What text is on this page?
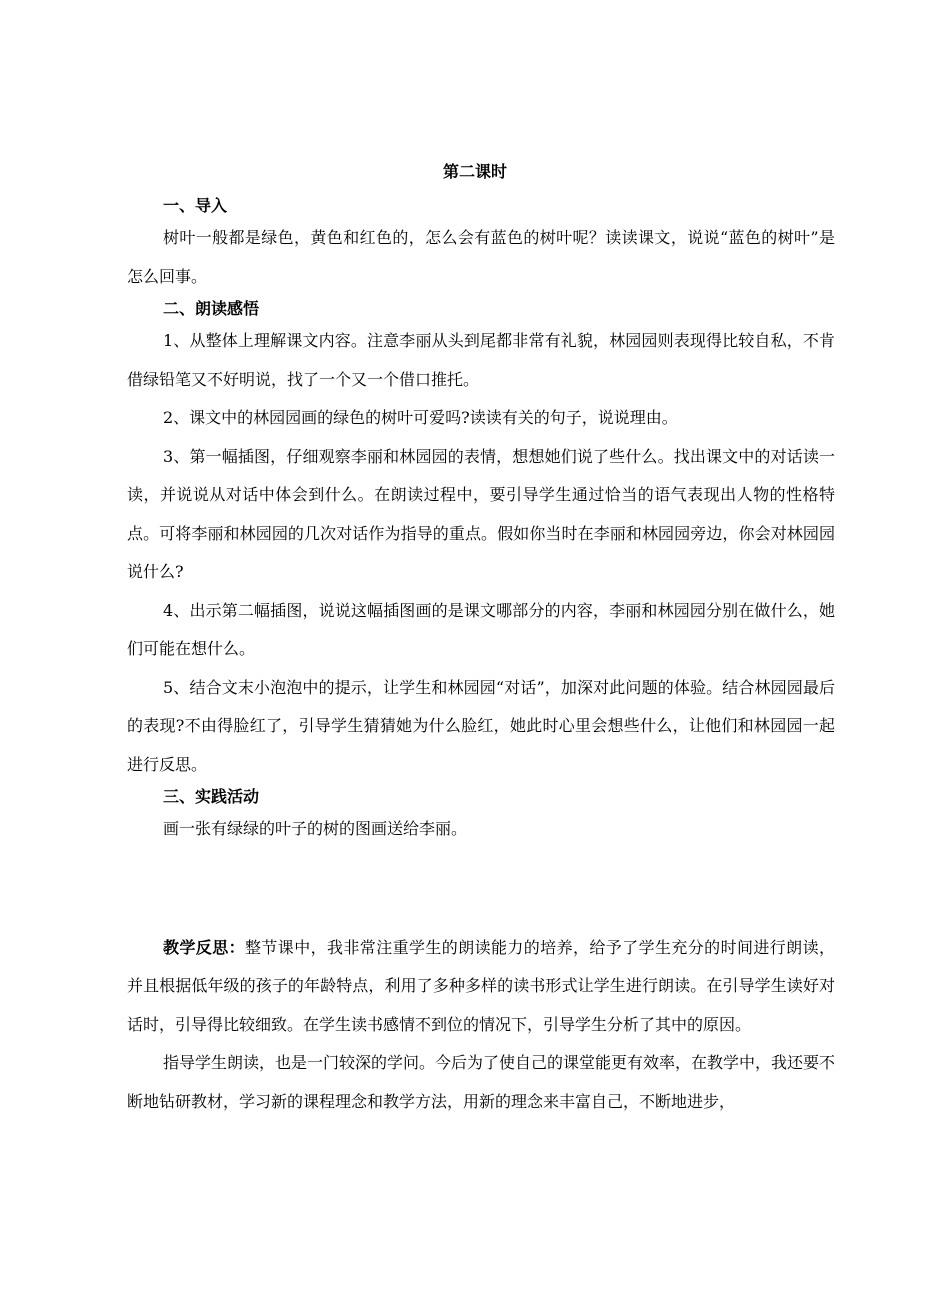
第二课时

一、导入

树叶一般都是绿色，黄色和红色的，怎么会有蓝色的树叶呢？读读课文，说说“蓝色的树叶”是怎么回事。

二、朗读感悟

1、从整体上理解课文内容。注意李丽从头到尾都非常有礼貌，林园园则表现得比较自私，不肯借绿铅笔又不好明说，找了一个又一个借口推托。

2、课文中的林园园画的绿色的树叶可爱吗?读读有关的句子，说说理由。

3、第一幅插图，仔细观察李丽和林园园的表情，想想她们说了些什么。找出课文中的对话读一读，并说说从对话中体会到什么。在朗读过程中，要引导学生通过恰当的语气表现出人物的性格特点。可将李丽和林园园的几次对话作为指导的重点。假如你当时在李丽和林园园旁边，你会对林园园说什么?

4、出示第二幅插图，说说这幅插图画的是课文哪部分的内容，李丽和林园园分别在做什么，她们可能在想什么。

5、结合文末小泡泡中的提示，让学生和林园园“对话”，加深对此问题的体验。结合林园园最后的表现?不由得脸红了，引导学生猜猜她为什么脸红，她此时心里会想些什么，让他们和林园园一起进行反思。

三、实践活动

画一张有绿绿的叶子的树的图画送给李丽。

教学反思：整节课中，我非常注重学生的朗读能力的培养，给予了学生充分的时间进行朗读，并且根据低年级的孩子的年龄特点，利用了多种多样的读书形式让学生进行朗读。在引导学生读好对话时，引导得比较细致。在学生读书感情不到位的情况下，引导学生分析了其中的原因。

指导学生朗读，也是一门较深的学问。今后为了使自己的课堂能更有效率，在教学中，我还要不断地钻研教材，学习新的课程理念和教学方法，用新的理念来丰富自己，不断地进步，
